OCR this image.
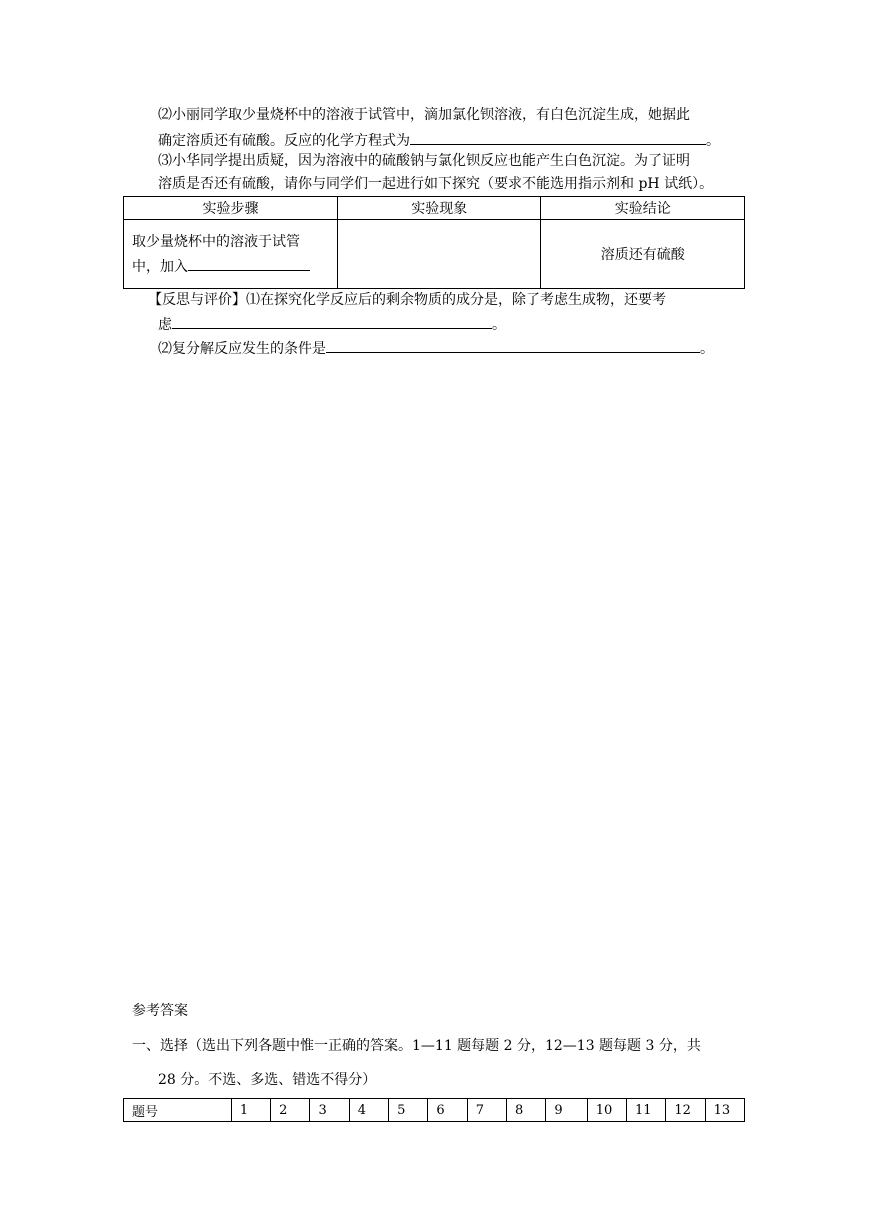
⑵小丽同学取少量烧杯中的溶液于试管中，滴加氯化钡溶液，有白色沉淀生成，她据此
确定溶质还有硫酸。反应的化学方程式为	。
⑶小华同学提出质疑，因为溶液中的硫酸钠与氯化钡反应也能产生白色沉淀。为了证明
溶质是否还有硫酸，请你与同学们一起进行如下探究（要求不能选用指示剂和 pH 试纸）。
实验步骤	实验现象	实验结论

取少量烧杯中的溶液于试管
中，加入		溶质还有硫酸
【反思与评价】⑴在探究化学反应后的剩余物质的成分是，除了考虑生成物，还要考
虑	。
⑵复分解反应发生的条件是	。
参考答案
一、选择（选出下列各题中惟一正确的答案。1—11 题每题 2 分，12—13 题每题 3 分，共
28 分。不选、多选、错选不得分）
题号	1	2	3	4	5	6	7	8	9	10	11	12	13
